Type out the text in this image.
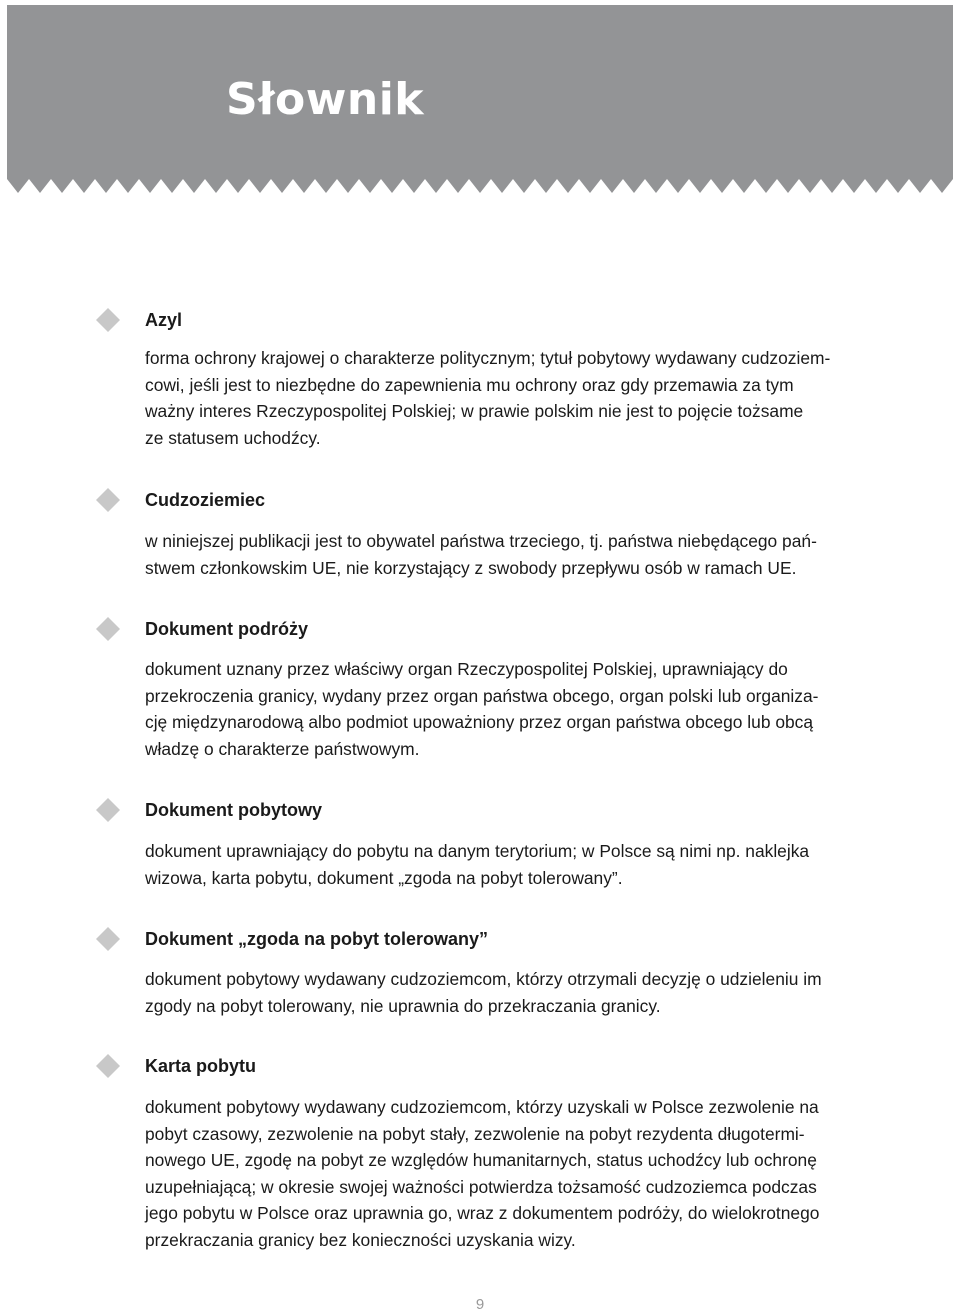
Słownik
Azyl
forma ochrony krajowej o charakterze politycznym; tytuł pobytowy wydawany cudzoziem-
cowi, jeśli jest to niezbędne do zapewnienia mu ochrony oraz gdy przemawia za tym
ważny interes Rzeczypospolitej Polskiej; w prawie polskim nie jest to pojęcie tożsame
ze statusem uchodźcy.
Cudzoziemiec
w niniejszej publikacji jest to obywatel państwa trzeciego, tj. państwa niebędącego pań-
stwem członkowskim UE, nie korzystający z swobody przepływu osób w ramach UE.
Dokument podróży
dokument uznany przez właściwy organ Rzeczypospolitej Polskiej, uprawniający do
przekroczenia granicy, wydany przez organ państwa obcego, organ polski lub organiza-
cję międzynarodową albo podmiot upoważniony przez organ państwa obcego lub obcą
władzę o charakterze państwowym.
Dokument pobytowy
dokument uprawniający do pobytu na danym terytorium; w Polsce są nimi np. naklejka
wizowa, karta pobytu, dokument „zgoda na pobyt tolerowany”.
Dokument „zgoda na pobyt tolerowany”
dokument pobytowy wydawany cudzoziemcom, którzy otrzymali decyzję o udzieleniu im
zgody na pobyt tolerowany, nie uprawnia do przekraczania granicy.
Karta pobytu
dokument pobytowy wydawany cudzoziemcom, którzy uzyskali w Polsce zezwolenie na
pobyt czasowy, zezwolenie na pobyt stały, zezwolenie na pobyt rezydenta długotermi-
nowego UE, zgodę na pobyt ze względów humanitarnych, status uchodźcy lub ochronę
uzupełniającą; w okresie swojej ważności potwierdza tożsamość cudzoziemca podczas
jego pobytu w Polsce oraz uprawnia go, wraz z dokumentem podróży, do wielokrotnego
przekraczania granicy bez konieczności uzyskania wizy.
9
